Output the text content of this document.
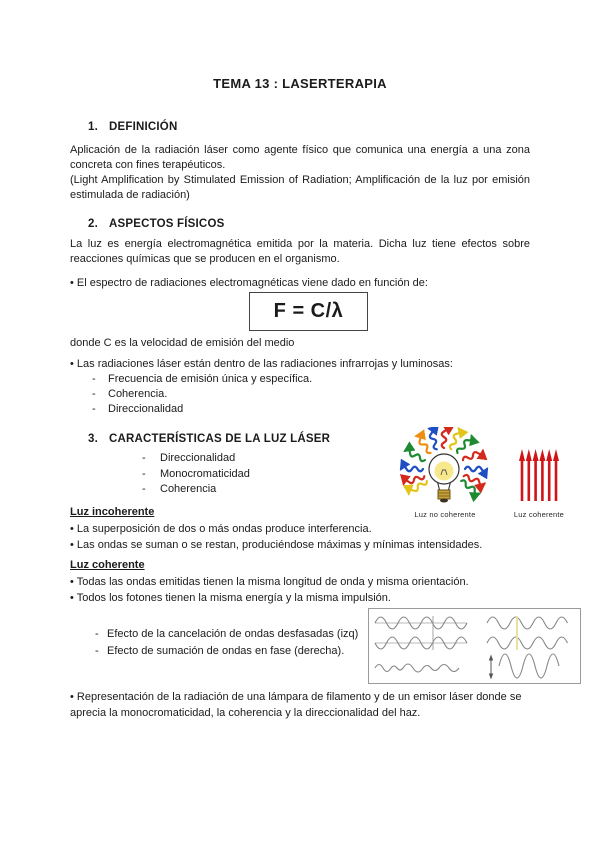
TEMA 13 : LASERTERAPIA
1. DEFINICIÓN
Aplicación de la radiación láser como agente físico que comunica una energía a una zona concreta con fines terapéuticos.
(Light Amplification by Stimulated Emission of Radiation; Amplificación de la luz por emisión estimulada de radiación)
2. ASPECTOS FÍSICOS
La luz es energía electromagnética emitida por la materia. Dicha luz tiene efectos sobre reacciones químicas que se producen en el organismo.
• El espectro de radiaciones electromagnéticas viene dado en función de:
F = C/λ
donde C es la velocidad de emisión del medio
• Las radiaciones láser están dentro de las radiaciones infrarrojas y luminosas:
- Frecuencia de emisión única y específica.
- Coherencia.
- Direccionalidad
3. CARACTERÍSTICAS DE LA LUZ LÁSER
- Direccionalidad
- Monocromaticidad
- Coherencia
Luz no coherente	Luz coherente
Luz incoherente
• La superposición de dos o más ondas produce interferencia.
• Las ondas se suman o se restan, produciéndose máximas y mínimas intensidades.
Luz coherente
• Todas las ondas emitidas tienen la misma longitud de onda y misma orientación.
• Todos los fotones tienen la misma energía y la misma impulsión.
- Efecto de la cancelación de ondas desfasadas (izq)
- Efecto de sumación de ondas en fase (derecha).
• Representación de la radiación de una lámpara de filamento y de un emisor láser donde se aprecia la monocromaticidad, la coherencia y la direccionalidad del haz.
